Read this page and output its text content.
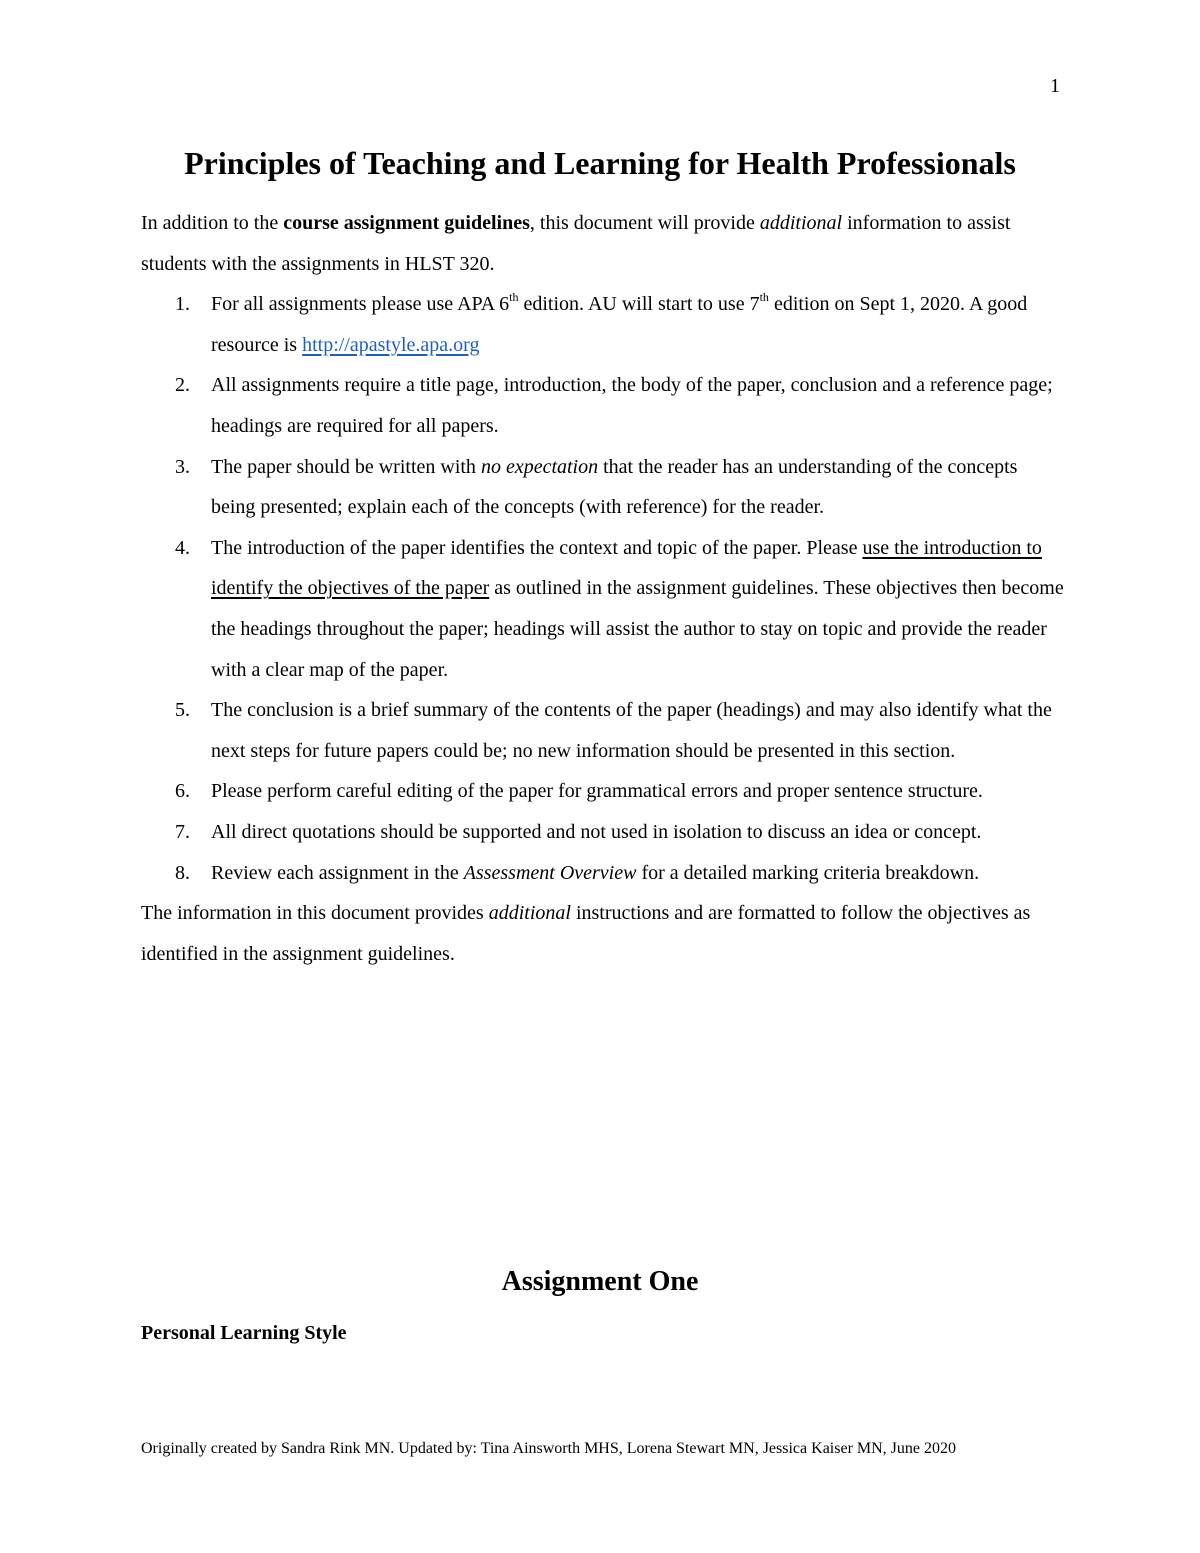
1
Principles of Teaching and Learning for Health Professionals

In addition to the course assignment guidelines, this document will provide additional information to assist students with the assignments in HLST 320.

1. For all assignments please use APA 6th edition. AU will start to use 7th edition on Sept 1, 2020. A good resource is http://apastyle.apa.org
2. All assignments require a title page, introduction, the body of the paper, conclusion and a reference page; headings are required for all papers.
3. The paper should be written with no expectation that the reader has an understanding of the concepts being presented; explain each of the concepts (with reference) for the reader.
4. The introduction of the paper identifies the context and topic of the paper. Please use the introduction to identify the objectives of the paper as outlined in the assignment guidelines. These objectives then become the headings throughout the paper; headings will assist the author to stay on topic and provide the reader with a clear map of the paper.
5. The conclusion is a brief summary of the contents of the paper (headings) and may also identify what the next steps for future papers could be; no new information should be presented in this section.
6. Please perform careful editing of the paper for grammatical errors and proper sentence structure.
7. All direct quotations should be supported and not used in isolation to discuss an idea or concept.
8. Review each assignment in the Assessment Overview for a detailed marking criteria breakdown.

The information in this document provides additional instructions and are formatted to follow the objectives as identified in the assignment guidelines.

Assignment One
Personal Learning Style
Originally created by Sandra Rink MN. Updated by: Tina Ainsworth MHS, Lorena Stewart MN, Jessica Kaiser MN, June 2020
